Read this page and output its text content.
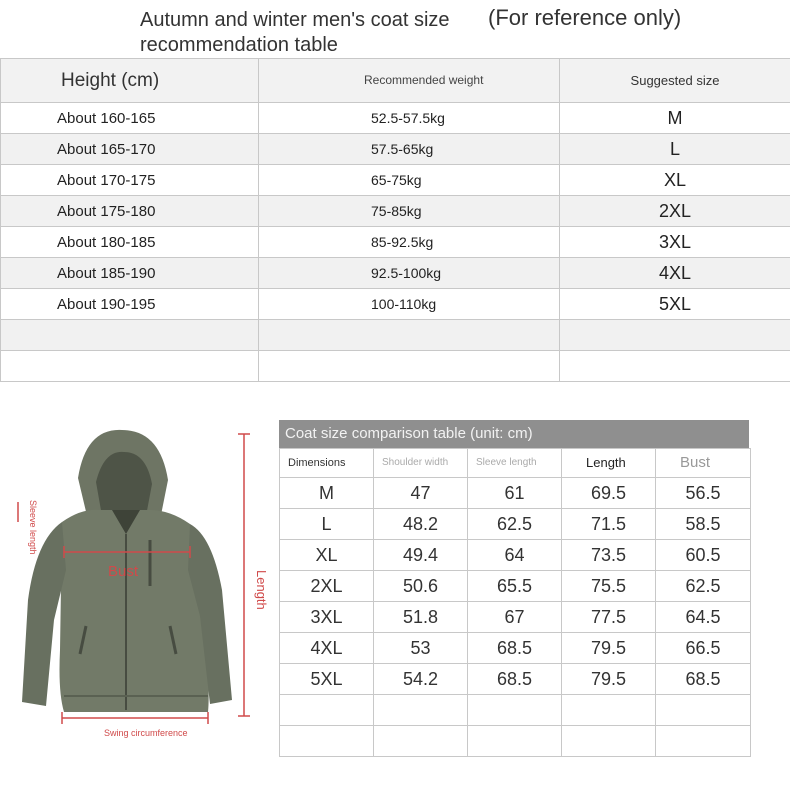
Autumn and winter men's coat size recommendation table
(For reference only)
Height (cm)	Recommended weight	Suggested size
About 160-165	52.5-57.5kg	M
About 165-170	57.5-65kg	L
About 170-175	65-75kg	XL
About 175-180	75-85kg	2XL
About 180-185	85-92.5kg	3XL
About 185-190	92.5-100kg	4XL
About 190-195	100-110kg	5XL

Bust	Length
Sleeve length
Swing circumference
Coat size comparison table (unit: cm)
Dimensions	Shoulder width	Sleeve length	Length	Bust
M	47	61	69.5	56.5
L	48.2	62.5	71.5	58.5
XL	49.4	64	73.5	60.5
2XL	50.6	65.5	75.5	62.5
3XL	51.8	67	77.5	64.5
4XL	53	68.5	79.5	66.5
5XL	54.2	68.5	79.5	68.5
